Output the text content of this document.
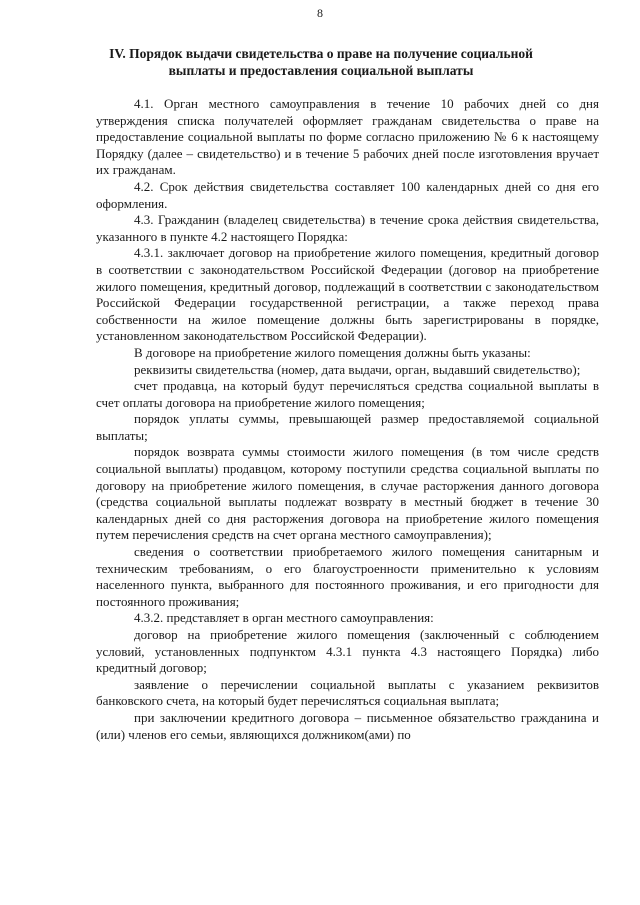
8
IV. Порядок выдачи свидетельства о праве на получение социальной выплаты и предоставления социальной выплаты

4.1. Орган местного самоуправления в течение 10 рабочих дней со дня утверждения списка получателей оформляет гражданам свидетельства о праве на предоставление социальной выплаты по форме согласно приложению № 6 к настоящему Порядку (далее – свидетельство) и в течение 5 рабочих дней после изготовления вручает их гражданам.

4.2. Срок действия свидетельства составляет 100 календарных дней со дня его оформления.

4.3. Гражданин (владелец свидетельства) в течение срока действия свидетельства, указанного в пункте 4.2 настоящего Порядка:

4.3.1. заключает договор на приобретение жилого помещения, кредитный договор в соответствии с законодательством Российской Федерации (договор на приобретение жилого помещения, кредитный договор, подлежащий в соответствии с законодательством Российской Федерации государственной регистрации, а также переход права собственности на жилое помещение должны быть зарегистрированы в порядке, установленном законодательством Российской Федерации).

В договоре на приобретение жилого помещения должны быть указаны:

реквизиты свидетельства (номер, дата выдачи, орган, выдавший свидетельство);

счет продавца, на который будут перечисляться средства социальной выплаты в счет оплаты договора на приобретение жилого помещения;

порядок уплаты суммы, превышающей размер предоставляемой социальной выплаты;

порядок возврата суммы стоимости жилого помещения (в том числе средств социальной выплаты) продавцом, которому поступили средства социальной выплаты по договору на приобретение жилого помещения, в случае расторжения данного договора (средства социальной выплаты подлежат возврату в местный бюджет в течение 30 календарных дней со дня расторжения договора на приобретение жилого помещения путем перечисления средств на счет органа местного самоуправления);

сведения о соответствии приобретаемого жилого помещения санитарным и техническим требованиям, о его благоустроенности применительно к условиям населенного пункта, выбранного для постоянного проживания, и его пригодности для постоянного проживания;

4.3.2. представляет в орган местного самоуправления:

договор на приобретение жилого помещения (заключенный с соблюдением условий, установленных подпунктом 4.3.1 пункта 4.3 настоящего Порядка) либо кредитный договор;

заявление о перечислении социальной выплаты с указанием реквизитов банковского счета, на который будет перечисляться социальная выплата;

при заключении кредитного договора – письменное обязательство гражданина и (или) членов его семьи, являющихся должником(ами) по
